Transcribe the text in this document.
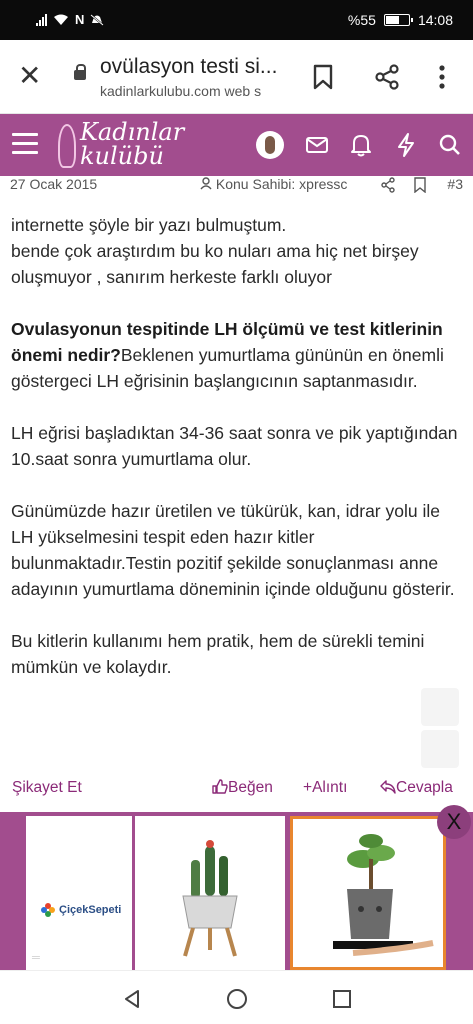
N	%55	14:08
✕	ovülasyon testi si...
kadinlarkulubu.com web s
Kadınlar
kulübü
27 Ocak 2015	Konu Sahibi: xpressc	#3

internette şöyle bir yazı bulmuştum.
bende çok araştırdım bu ko nuları ama hiç net birşey oluşmuyor , sanırım herkeste farklı oluyor

Ovulasyonun tespitinde LH ölçümü ve test kitlerinin önemi nedir?Beklenen yumurtlama gününün en önemli göstergeci LH eğrisinin başlangıcının saptanmasıdır.

LH eğrisi başladıktan 34-36 saat sonra ve pik yaptığından 10.saat sonra yumurtlama olur.

Günümüzde hazır üretilen ve tükürük, kan, idrar yolu ile LH yükselmesini tespit eden hazır kitler bulunmaktadır.Testin pozitif şekilde sonuçlanması anne adayının yumurtlama döneminin içinde olduğunu gösterir.

Bu kitlerin kullanımı hem pratik, hem de sürekli temini mümkün ve kolaydır.

Şikayet Et	Beğen + Alıntı	Cevapla
ÇiçekSepeti
═
X
